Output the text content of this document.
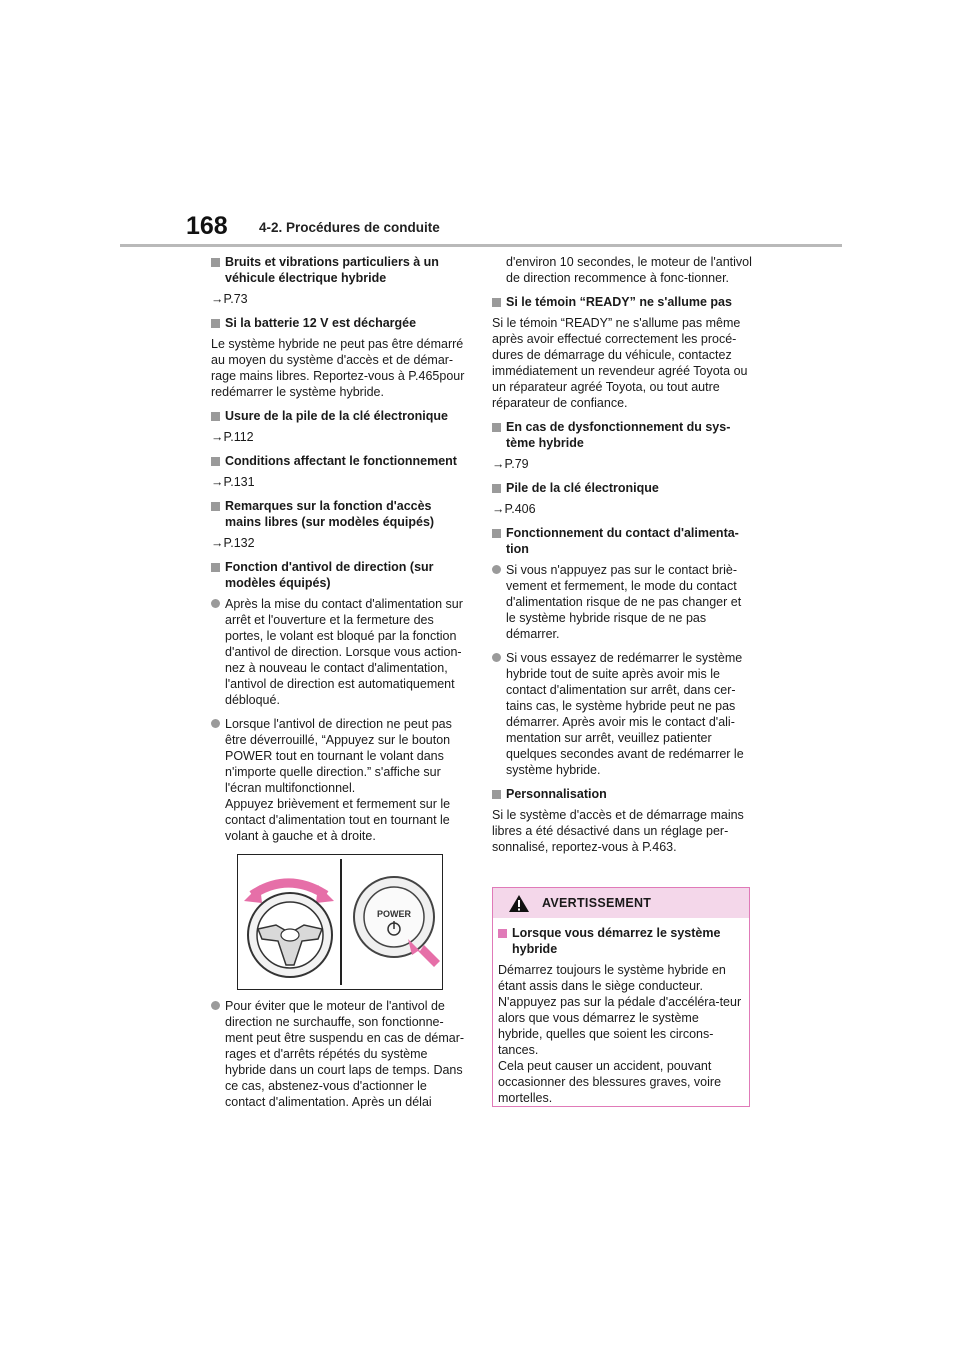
168 4-2. Procédures de conduite
Bruits et vibrations particuliers à un véhicule électrique hybride
→P.73
Si la batterie 12 V est déchargée
Le système hybride ne peut pas être démarré au moyen du système d'accès et de démar-rage mains libres. Reportez-vous à P.465pour redémarrer le système hybride.
Usure de la pile de la clé électronique
→P.112
Conditions affectant le fonctionnement
→P.131
Remarques sur la fonction d'accès mains libres (sur modèles équipés)
→P.132
Fonction d'antivol de direction (sur modèles équipés)
Après la mise du contact d'alimentation sur arrêt et l'ouverture et la fermeture des portes, le volant est bloqué par la fonction d'antivol de direction. Lorsque vous action-nez à nouveau le contact d'alimentation, l'antivol de direction est automatiquement débloqué.
Lorsque l'antivol de direction ne peut pas être déverrouillé, “Appuyez sur le bouton POWER tout en tournant le volant dans n'importe quelle direction.” s'affiche sur l'écran multifonctionnel.
Appuyez brièvement et fermement sur le contact d'alimentation tout en tournant le volant à gauche et à droite.
POWER
Pour éviter que le moteur de l'antivol de direction ne surchauffe, son fonctionne-ment peut être suspendu en cas de démar-rages et d'arrêts répétés du système hybride dans un court laps de temps. Dans ce cas, abstenez-vous d'actionner le contact d'alimentation. Après un délai
d'environ 10 secondes, le moteur de l'antivol de direction recommence à fonc-tionner.
Si le témoin “READY” ne s'allume pas
Si le témoin “READY” ne s'allume pas même après avoir effectué correctement les procé-dures de démarrage du véhicule, contactez immédiatement un revendeur agréé Toyota ou un réparateur agréé Toyota, ou tout autre réparateur de confiance.
En cas de dysfonctionnement du sys-tème hybride
→P.79
Pile de la clé électronique
→P.406
Fonctionnement du contact d'alimenta-tion
Si vous n'appuyez pas sur le contact briè-vement et fermement, le mode du contact d'alimentation risque de ne pas changer et le système hybride risque de ne pas démarrer.
Si vous essayez de redémarrer le système hybride tout de suite après avoir mis le contact d'alimentation sur arrêt, dans cer-tains cas, le système hybride peut ne pas démarrer. Après avoir mis le contact d'ali-mentation sur arrêt, veuillez patienter quelques secondes avant de redémarrer le système hybride.
Personnalisation
Si le système d'accès et de démarrage mains libres a été désactivé dans un réglage per-sonnalisé, reportez-vous à P.463.
AVERTISSEMENT
Lorsque vous démarrez le système hybride
Démarrez toujours le système hybride en étant assis dans le siège conducteur. N'appuyez pas sur la pédale d'accéléra-teur alors que vous démarrez le système hybride, quelles que soient les circons-tances.
Cela peut causer un accident, pouvant occasionner des blessures graves, voire mortelles.
